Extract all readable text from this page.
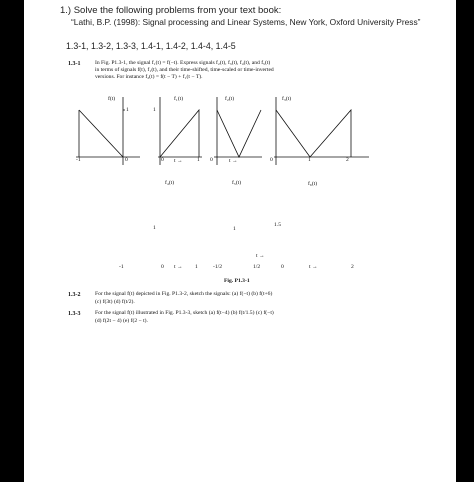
1.) Solve the following problems from your text book:
“Lathi, B.P. (1998): Signal processing and Linear Systems, New York, Oxford University Press”
1.3-1, 1.3-2, 1.3-3, 1.4-1, 1.4-2, 1.4-4, 1.4-5
1.3-1	In Fig. P1.3-1, the signal f₁(t) = f(−t). Express signals f₂(t), f₃(t), f₄(t), and f₅(t)
in terms of signals f(t), f₁(t), and their time-shifted, time-scaled or time-inverted
versions. For instance f₂(t) = f(t − T) + f₁(t − T).
f(t)
-1	0
1
f₁(t)
0	1
1
t →
f₂(t)
0	t →
f₃(t)
0	1	2
f₄(t)
-1	0	1
1
t →
f₅(t)
-1/2	1/2
1
t →
f₆(t)
0	2
1.5
t →
Fig. P1.3-1
1.3-2	For the signal f(t) depicted in Fig. P1.3-2, sketch the signals: (a) f(−t) (b) f(t+6)
(c) f(3t) (d) f(t/2).
1.3-3	For the signal f(t) illustrated in Fig. P1.3-3, sketch (a) f(t−4) (b) f(t/1.5) (c) f(−t)
(d) f(2t − 4) (e) f(2 − t).
